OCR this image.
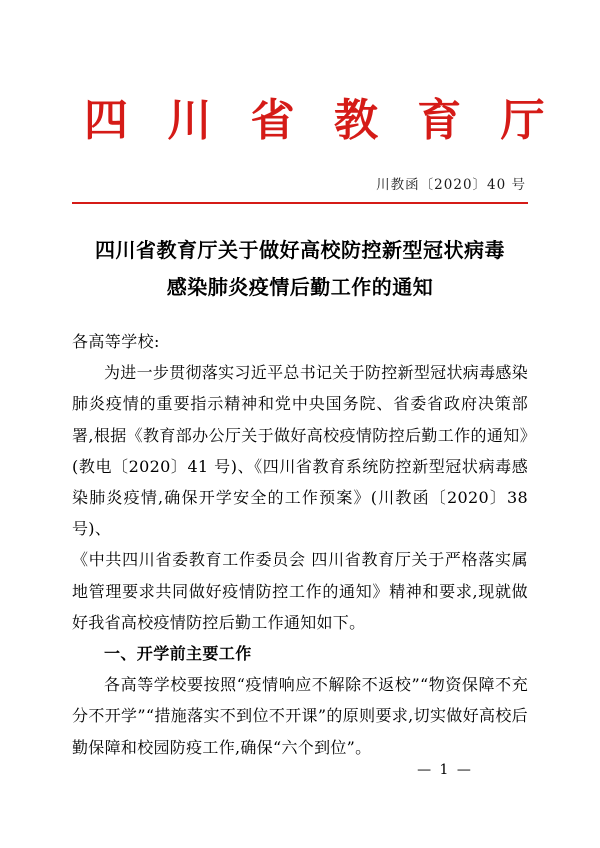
四 川 省 教 育 厅
川教函〔2020〕40 号
四川省教育厅关于做好高校防控新型冠状病毒
感染肺炎疫情后勤工作的通知
各高等学校:

为进一步贯彻落实习近平总书记关于防控新型冠状病毒感染肺炎疫情的重要指示精神和党中央国务院、省委省政府决策部署,根据《教育部办公厅关于做好高校疫情防控后勤工作的通知》(教电〔2020〕41 号)、《四川省教育系统防控新型冠状病毒感染肺炎疫情,确保开学安全的工作预案》(川教函〔2020〕38 号)、

《中共四川省委教育工作委员会 四川省教育厅关于严格落实属地管理要求共同做好疫情防控工作的通知》精神和要求,现就做好我省高校疫情防控后勤工作通知如下。

一、开学前主要工作

各高等学校要按照“疫情响应不解除不返校”“物资保障不充分不开学”“措施落实不到位不开课”的原则要求,切实做好高校后勤保障和校园防疫工作,确保“六个到位”。

— 1 —
